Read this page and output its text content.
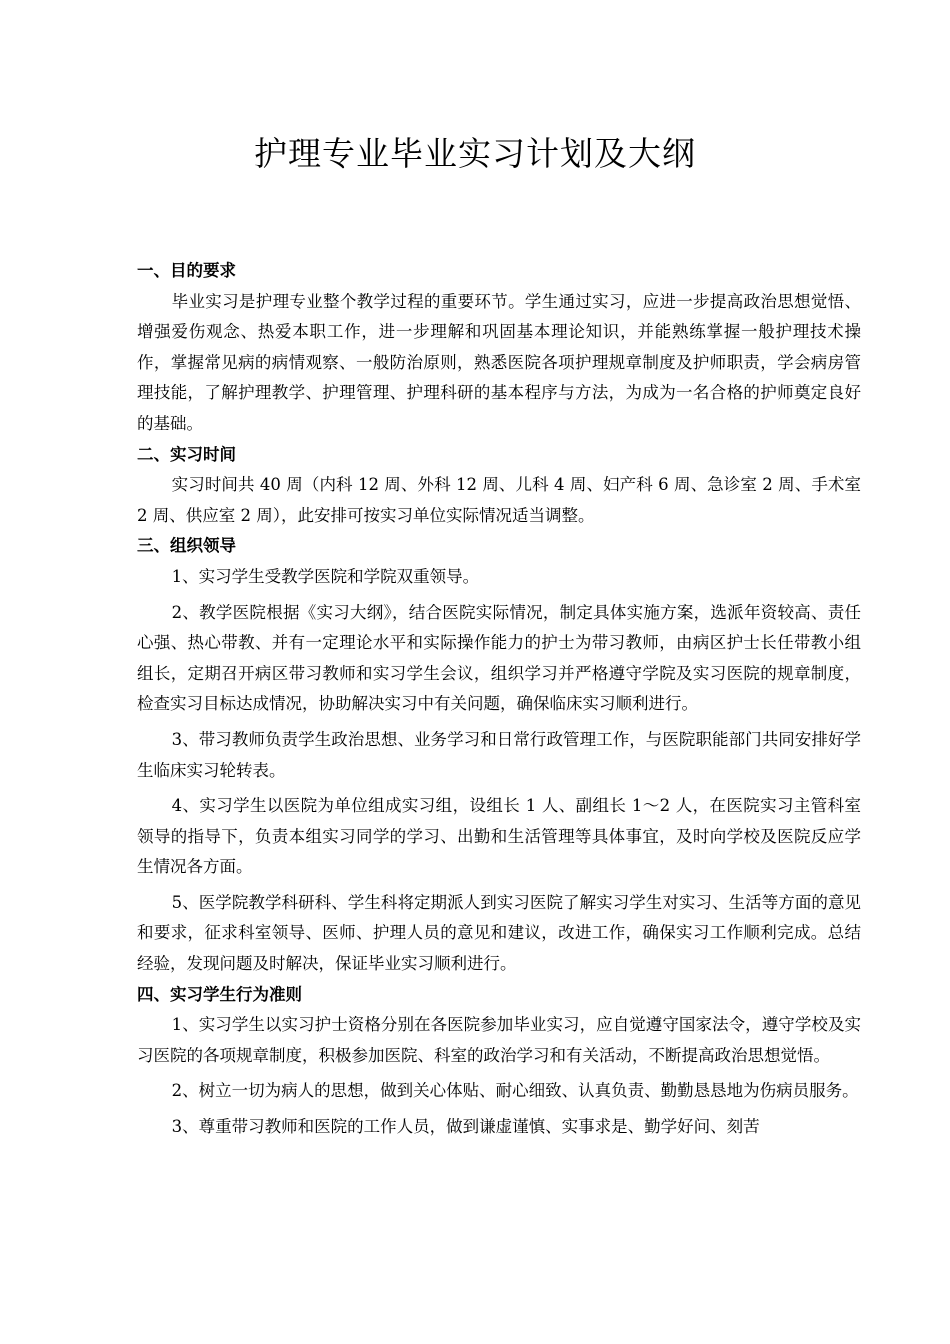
护理专业毕业实习计划及大纲
一、目的要求

毕业实习是护理专业整个教学过程的重要环节。学生通过实习，应进一步提高政治思想觉悟、增强爱伤观念、热爱本职工作，进一步理解和巩固基本理论知识，并能熟练掌握一般护理技术操作，掌握常见病的病情观察、一般防治原则，熟悉医院各项护理规章制度及护师职责，学会病房管理技能，了解护理教学、护理管理、护理科研的基本程序与方法，为成为一名合格的护师奠定良好的基础。

二、实习时间

实习时间共 40 周（内科 12 周、外科 12 周、儿科 4 周、妇产科 6 周、急诊室 2 周、手术室 2 周、供应室 2 周），此安排可按实习单位实际情况适当调整。

三、组织领导

1、实习学生受教学医院和学院双重领导。

2、教学医院根据《实习大纲》，结合医院实际情况，制定具体实施方案，选派年资较高、责任心强、热心带教、并有一定理论水平和实际操作能力的护士为带习教师，由病区护士长任带教小组组长，定期召开病区带习教师和实习学生会议，组织学习并严格遵守学院及实习医院的规章制度，检查实习目标达成情况，协助解决实习中有关问题，确保临床实习顺利进行。

3、带习教师负责学生政治思想、业务学习和日常行政管理工作，与医院职能部门共同安排好学生临床实习轮转表。

4、实习学生以医院为单位组成实习组，设组长 1 人、副组长 1～2 人，在医院实习主管科室领导的指导下，负责本组实习同学的学习、出勤和生活管理等具体事宜，及时向学校及医院反应学生情况各方面。

5、医学院教学科研科、学生科将定期派人到实习医院了解实习学生对实习、生活等方面的意见和要求，征求科室领导、医师、护理人员的意见和建议，改进工作，确保实习工作顺利完成。总结经验，发现问题及时解决，保证毕业实习顺利进行。

四、实习学生行为准则

1、实习学生以实习护士资格分别在各医院参加毕业实习，应自觉遵守国家法令，遵守学校及实习医院的各项规章制度，积极参加医院、科室的政治学习和有关活动，不断提高政治思想觉悟。

2、树立一切为病人的思想，做到关心体贴、耐心细致、认真负责、勤勤恳恳地为伤病员服务。

3、尊重带习教师和医院的工作人员，做到谦虚谨慎、实事求是、勤学好问、刻苦
